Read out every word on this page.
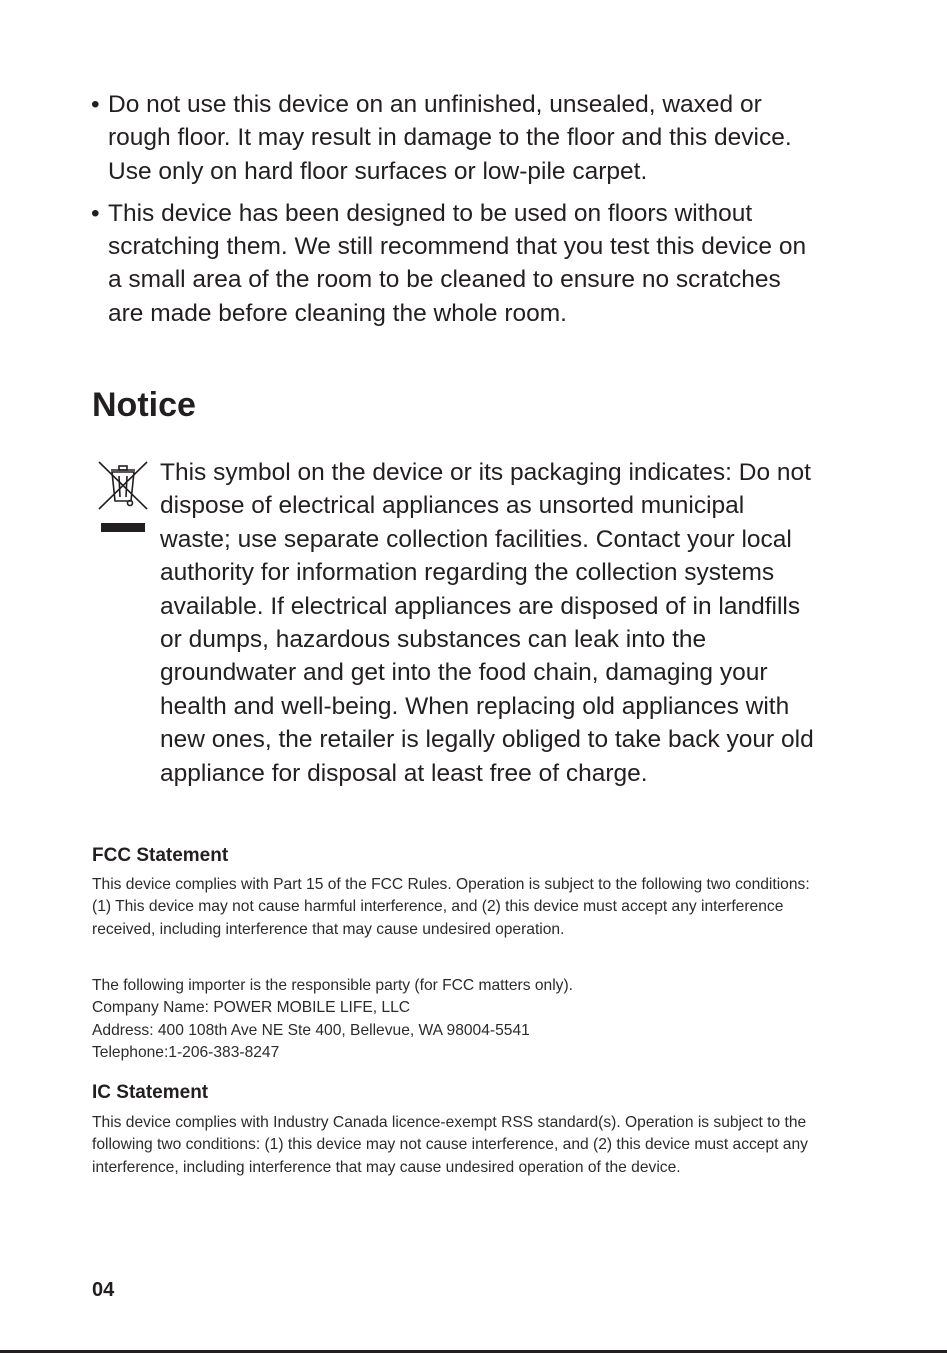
• Do not use this device on an unfinished, unsealed, waxed or rough floor. It may result in damage to the floor and this device. Use only on hard floor surfaces or low-pile carpet.
• This device has been designed to be used on floors without scratching them. We still recommend that you test this device on a small area of the room to be cleaned to ensure no scratches are made before cleaning the whole room.
Notice

This symbol on the device or its packaging indicates: Do not dispose of electrical appliances as unsorted municipal waste; use separate collection facilities. Contact your local authority for information regarding the collection systems available. If electrical appliances are disposed of in landfills or dumps, hazardous substances can leak into the groundwater and get into the food chain, damaging your health and well-being. When replacing old appliances with new ones, the retailer is legally obliged to take back your old appliance for disposal at least free of charge.

FCC Statement

This device complies with Part 15 of the FCC Rules. Operation is subject to the following two conditions: (1) This device may not cause harmful interference, and (2) this device must accept any interference received, including interference that may cause undesired operation.

The following importer is the responsible party (for FCC matters only).
Company Name: POWER MOBILE LIFE, LLC
Address: 400 108th Ave NE Ste 400, Bellevue, WA 98004-5541
Telephone:1-206-383-8247
IC Statement

This device complies with Industry Canada licence-exempt RSS standard(s). Operation is subject to the following two conditions: (1) this device may not cause interference, and (2) this device must accept any interference, including interference that may cause undesired operation of the device.

04
